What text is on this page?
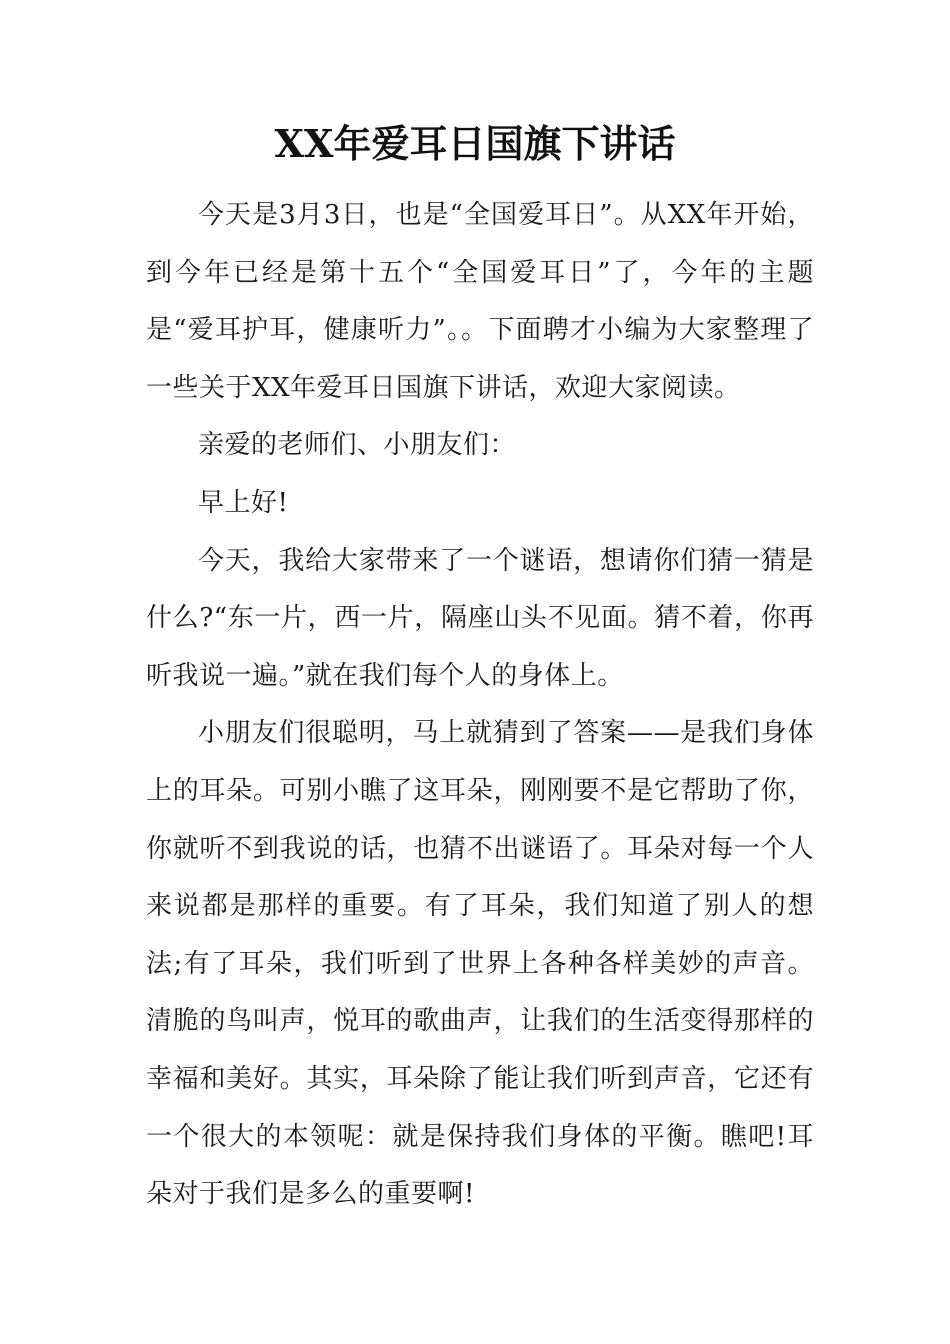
XX年爱耳日国旗下讲话

今天是3月3日，也是“全国爱耳日”。从XX年开始，到今年已经是第十五个“全国爱耳日”了，今年的主题是“爱耳护耳，健康听力”。。下面聘才小编为大家整理了一些关于XX年爱耳日国旗下讲话，欢迎大家阅读。

亲爱的老师们、小朋友们：

早上好!

今天，我给大家带来了一个谜语，想请你们猜一猜是什么?“东一片，西一片，隔座山头不见面。猜不着，你再听我说一遍。”就在我们每个人的身体上。

小朋友们很聪明，马上就猜到了答案——是我们身体上的耳朵。可别小瞧了这耳朵，刚刚要不是它帮助了你，你就听不到我说的话，也猜不出谜语了。耳朵对每一个人来说都是那样的重要。有了耳朵，我们知道了别人的想法;有了耳朵，我们听到了世界上各种各样美妙的声音。清脆的鸟叫声，悦耳的歌曲声，让我们的生活变得那样的幸福和美好。其实，耳朵除了能让我们听到声音，它还有一个很大的本领呢：就是保持我们身体的平衡。瞧吧!耳朵对于我们是多么的重要啊!
